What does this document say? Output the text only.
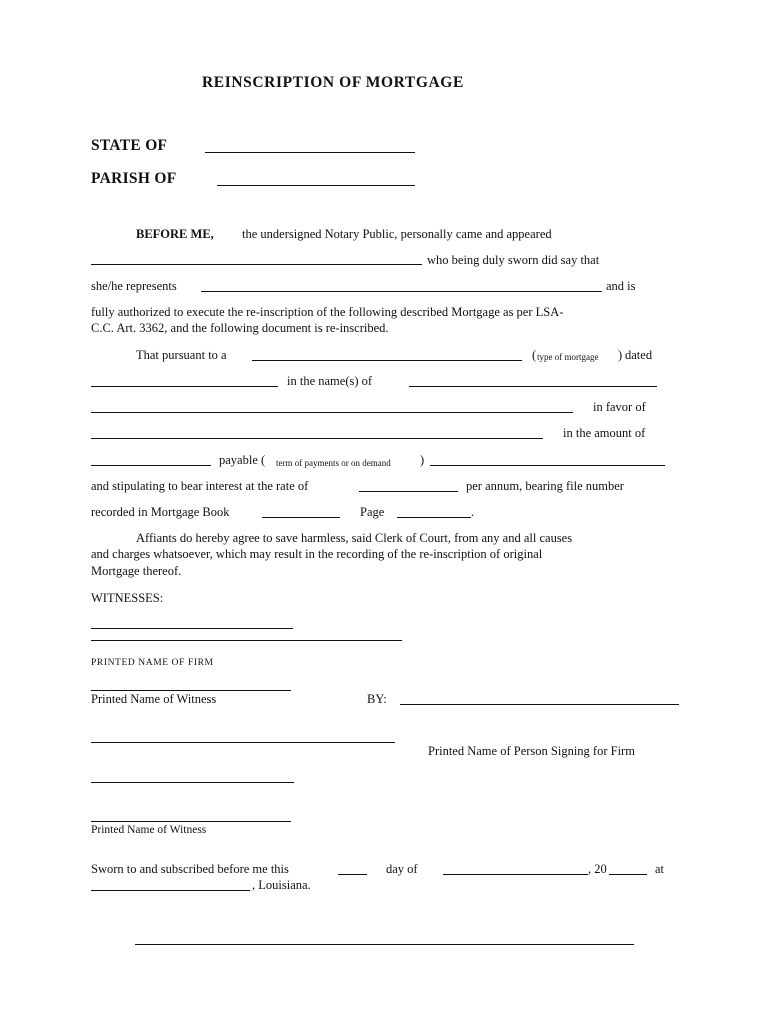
REINSCRIPTION OF MORTGAGE
STATE OF
PARISH OF
BEFORE ME, the undersigned Notary Public, personally came and appeared
who being duly sworn did say that
she/he represents	and is
fully authorized to execute the re-inscription of the following described Mortgage as per LSA-
C.C. Art. 3362, and the following document is re-inscribed.
That pursuant to a	( type of mortgage ) dated
in the name(s) of
in favor of
in the amount of
payable ( term of payments or on demand )
and stipulating to bear interest at the rate of	per annum, bearing file number
recorded in Mortgage Book	Page	.
Affiants do hereby agree to save harmless, said Clerk of Court, from any and all causes
and charges whatsoever, which may result in the recording of the re-inscription of original
Mortgage thereof.
WITNESSES:
PRINTED NAME OF FIRM
Printed Name of Witness	BY:
Printed Name of Person Signing for Firm
Printed Name of Witness
Sworn to and subscribed before me this	day of	, 20	at
, Louisiana.
